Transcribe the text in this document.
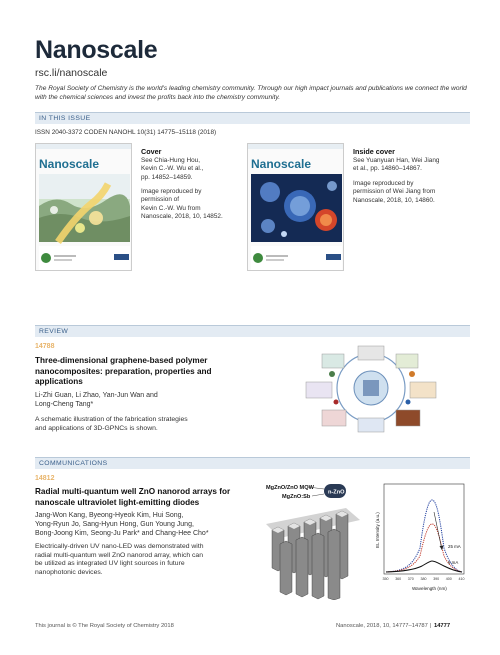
Nanoscale
rsc.li/nanoscale
The Royal Society of Chemistry is the world’s leading chemistry community. Through our high impact journals and publications we connect the world with the chemical sciences and invest the profits back into the chemistry community.
IN THIS ISSUE
ISSN 2040-3372 CODEN NANOHL 10(31) 14775–15118 (2018)
Nanoscale
Cover
See Chia-Hung Hou,
Kevin C.-W. Wu et al.,
pp. 14852–14859.
Image reproduced by
permission of
Kevin C.-W. Wu from
Nanoscale, 2018, 10, 14852.
Nanoscale
Inside cover
See Yuanyuan Han, Wei Jiang
et al., pp. 14860–14867.
Image reproduced by
permission of Wei Jiang from
Nanoscale, 2018, 10, 14860.
REVIEW
14788
Three-dimensional graphene-based polymer
nanocomposites: preparation, properties and
applications
Li-Zhi Guan, Li Zhao, Yan-Jun Wan and
Long-Cheng Tang*
A schematic illustration of the fabrication strategies
and applications of 3D-GPNCs is shown.
COMMUNICATIONS
14812
Radial multi-quantum well ZnO nanorod arrays for
nanoscale ultraviolet light-emitting diodes
Jang-Won Kang, Byeong-Hyeok Kim, Hui Song,
Yong-Ryun Jo, Sang-Hyun Hong, Gun Young Jung,
Bong-Joong Kim, Seong-Ju Park* and Chang-Hee Cho*
Electrically-driven UV nano-LED was demonstrated with
radial multi-quantum well ZnO nanorod array, which can
be utilized as integrated UV light sources in future
nanophotonic devices.
MgZnO/ZnO MQW
MgZnO:Sb
n-ZnO
EL Intensity (a.u.)
350 360 370 380 390 400 410
Wavelength (nm)
25 mA
5 mA
This journal is © The Royal Society of Chemistry 2018	Nanoscale, 2018, 10, 14777–14787 | 14777
